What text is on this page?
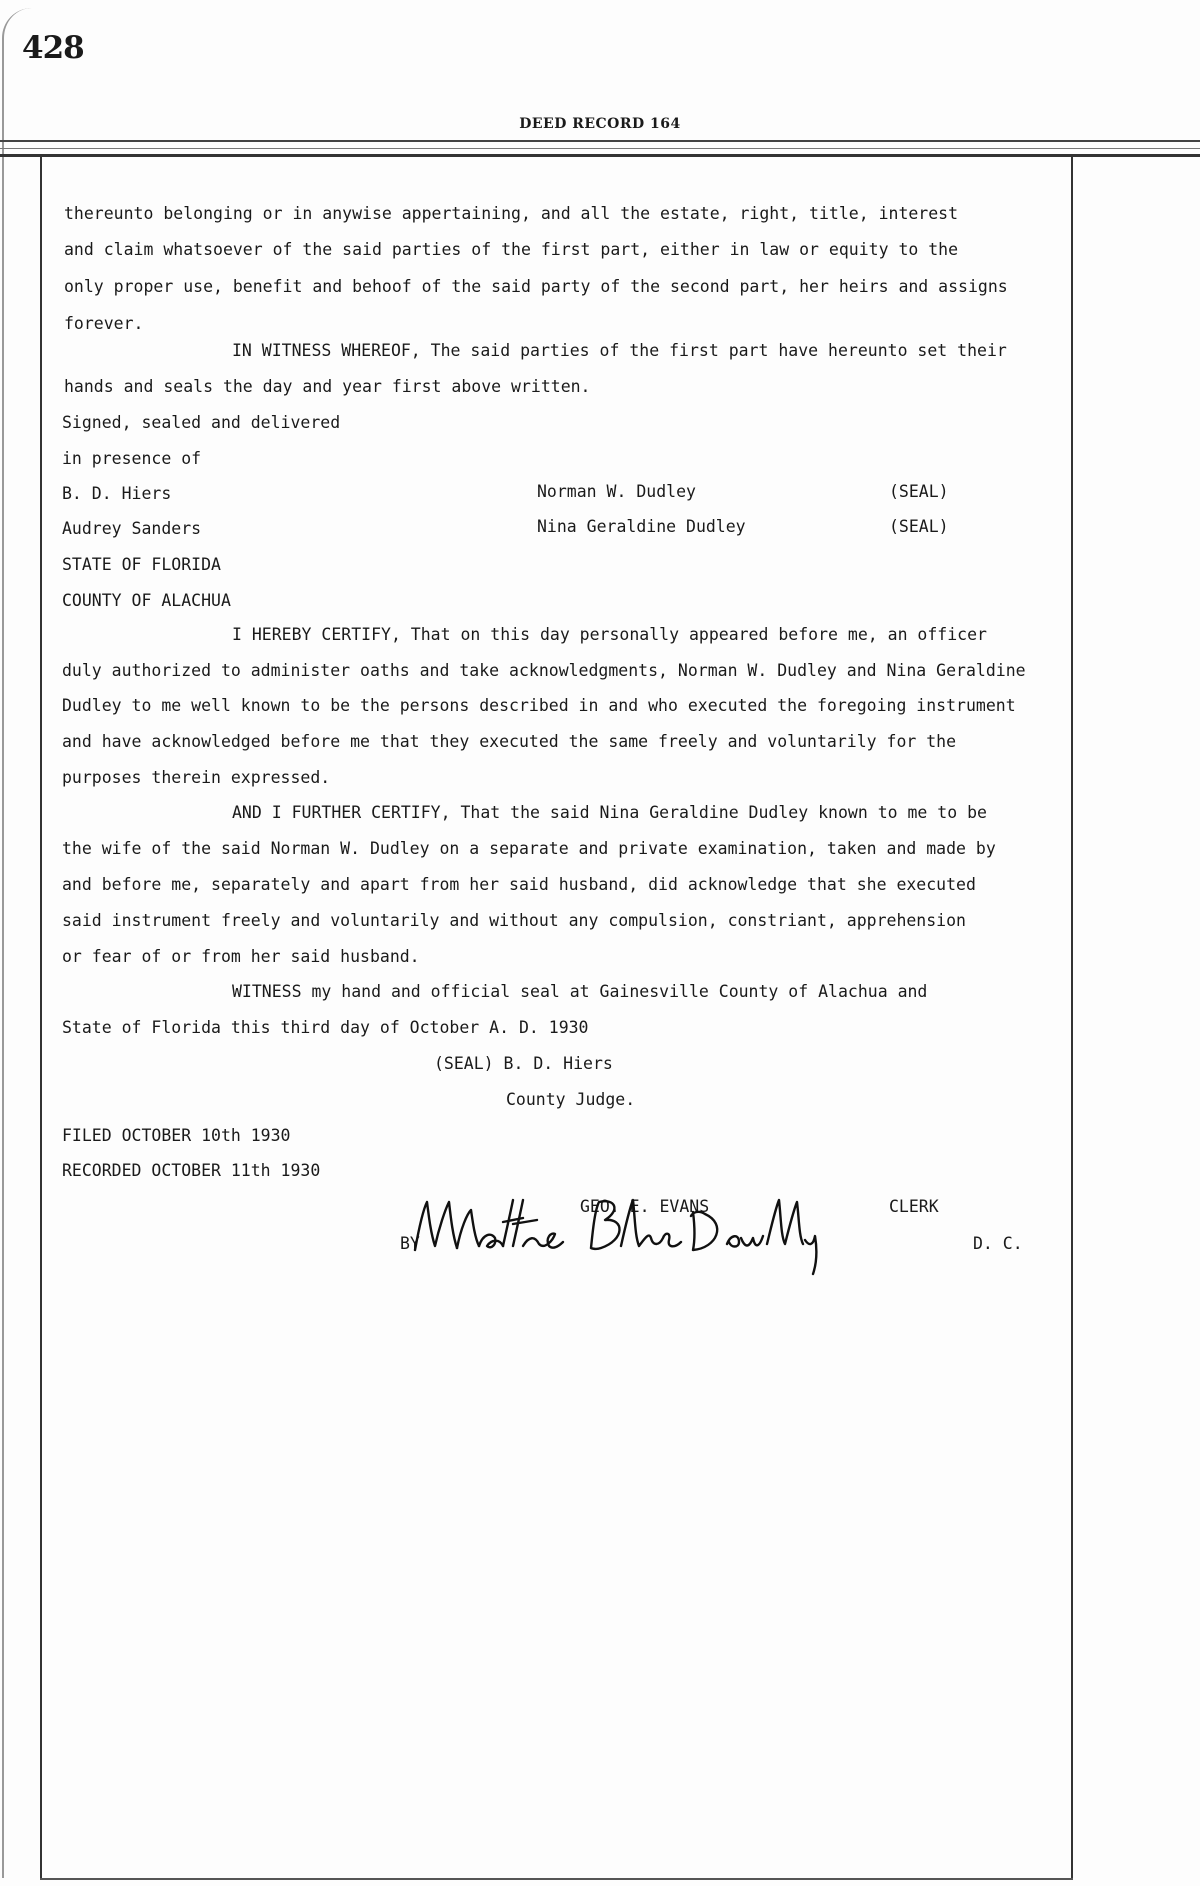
428
DEED RECORD 164
thereunto belonging or in anywise appertaining, and all the estate, right, title, interest
and claim whatsoever of the said parties of the first part, either in law or equity to the
only proper use, benefit and behoof of the said party of the second part, her heirs and assigns
forever.
IN WITNESS WHEREOF, The said parties of the first part have hereunto set their
hands and seals the day and year first above written.
Signed, sealed and delivered
in presence of
B. D. Hiers	Norman W. Dudley	(SEAL)
Audrey Sanders	Nina Geraldine Dudley	(SEAL)
STATE OF FLORIDA
COUNTY OF ALACHUA
I HEREBY CERTIFY, That on this day personally appeared before me, an officer
duly authorized to administer oaths and take acknowledgments, Norman W. Dudley and Nina Geraldine
Dudley to me well known to be the persons described in and who executed the foregoing instrument
and have acknowledged before me that they executed the same freely and voluntarily for the
purposes therein expressed.
AND I FURTHER CERTIFY, That the said Nina Geraldine Dudley known to me to be
the wife of the said Norman W. Dudley on a separate and private examination, taken and made by
and before me, separately and apart from her said husband, did acknowledge that she executed
said instrument freely and voluntarily and without any compulsion, constriant, apprehension
or fear of or from her said husband.
WITNESS my hand and official seal at Gainesville County of Alachua and
State of Florida this third day of October A. D. 1930
(SEAL) B. D. Hiers
County Judge.
FILED OCTOBER 10th 1930
RECORDED OCTOBER 11th 1930
GEO. E. EVANS	CLERK
BY	D. C.
